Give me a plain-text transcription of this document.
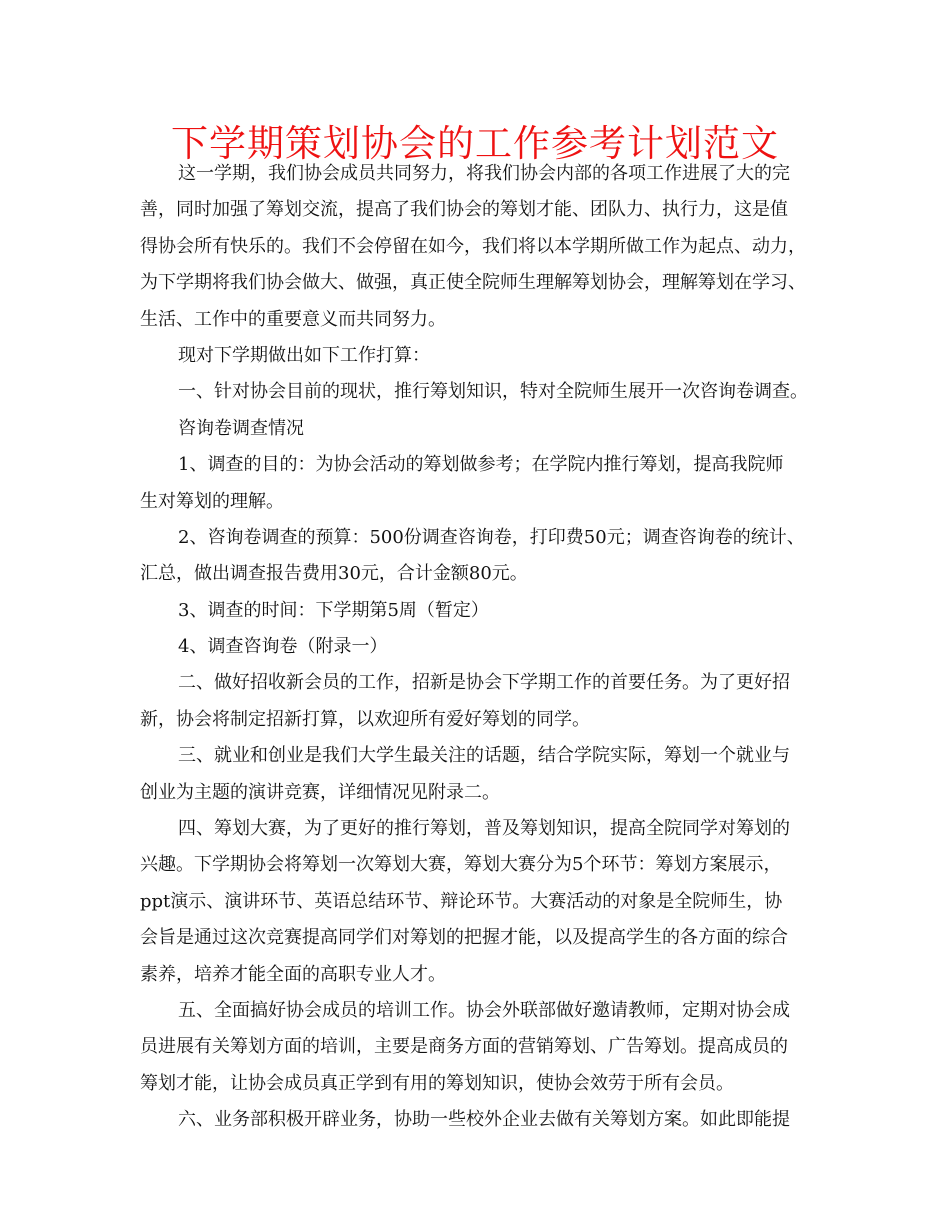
下学期策划协会的工作参考计划范文
这一学期，我们协会成员共同努力，将我们协会内部的各项工作进展了大的完
善，同时加强了筹划交流，提高了我们协会的筹划才能、团队力、执行力，这是值
得协会所有快乐的。我们不会停留在如今，我们将以本学期所做工作为起点、动力，
为下学期将我们协会做大、做强，真正使全院师生理解筹划协会，理解筹划在学习、
生活、工作中的重要意义而共同努力。
现对下学期做出如下工作打算：
一、针对协会目前的现状，推行筹划知识，特对全院师生展开一次咨询卷调查。
咨询卷调查情况
1、调查的目的：为协会活动的筹划做参考；在学院内推行筹划，提高我院师
生对筹划的理解。
2、咨询卷调查的预算：500份调查咨询卷，打印费50元；调查咨询卷的统计、
汇总，做出调查报告费用30元，合计金额80元。
3、调查的时间：下学期第5周（暂定）
4、调查咨询卷（附录一）
二、做好招收新会员的工作，招新是协会下学期工作的首要任务。为了更好招
新，协会将制定招新打算，以欢迎所有爱好筹划的同学。
三、就业和创业是我们大学生最关注的话题，结合学院实际，筹划一个就业与
创业为主题的演讲竞赛，详细情况见附录二。
四、筹划大赛，为了更好的推行筹划，普及筹划知识，提高全院同学对筹划的
兴趣。下学期协会将筹划一次筹划大赛，筹划大赛分为5个环节：筹划方案展示，
ppt演示、演讲环节、英语总结环节、辩论环节。大赛活动的对象是全院师生，协
会旨是通过这次竞赛提高同学们对筹划的把握才能，以及提高学生的各方面的综合
素养，培养才能全面的高职专业人才。
五、全面搞好协会成员的培训工作。协会外联部做好邀请教师，定期对协会成
员进展有关筹划方面的培训，主要是商务方面的营销筹划、广告筹划。提高成员的
筹划才能，让协会成员真正学到有用的筹划知识，使协会效劳于所有会员。
六、业务部积极开辟业务，协助一些校外企业去做有关筹划方案。如此即能提
